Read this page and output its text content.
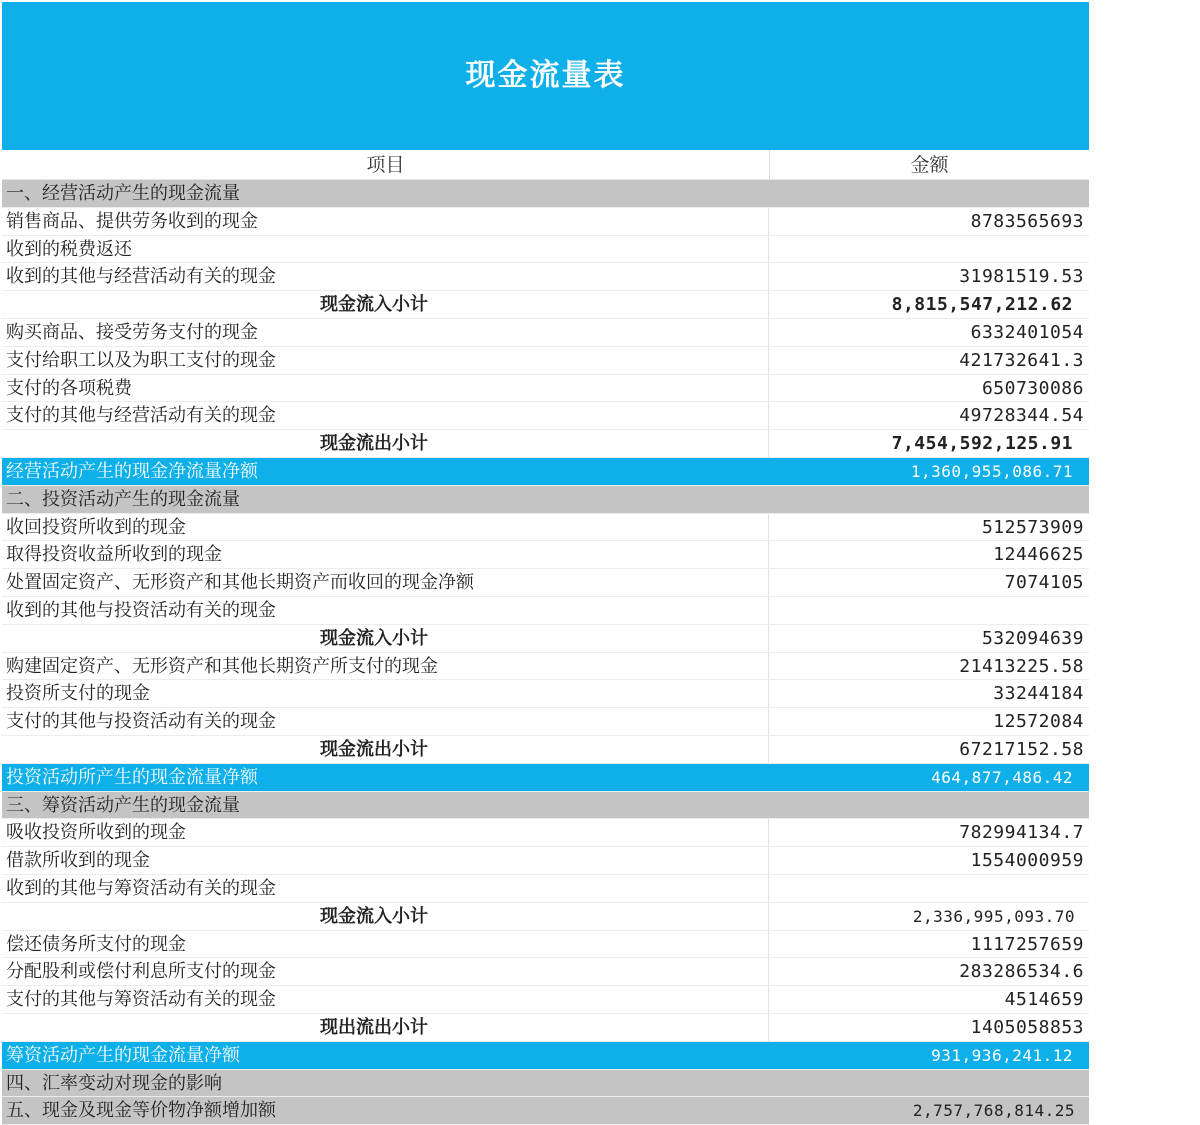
现金流量表
项目	金额
一、经营活动产生的现金流量
销售商品、提供劳务收到的现金	8783565693
收到的税费返还
收到的其他与经营活动有关的现金	31981519.53
现金流入小计	8,815,547,212.62
购买商品、接受劳务支付的现金	6332401054
支付给职工以及为职工支付的现金	421732641.3
支付的各项税费	650730086
支付的其他与经营活动有关的现金	49728344.54
现金流出小计	7,454,592,125.91
经营活动产生的现金净流量净额	1,360,955,086.71
二、投资活动产生的现金流量
收回投资所收到的现金	512573909
取得投资收益所收到的现金	12446625
处置固定资产、无形资产和其他长期资产而收回的现金净额	7074105
收到的其他与投资活动有关的现金
现金流入小计	532094639
购建固定资产、无形资产和其他长期资产所支付的现金	21413225.58
投资所支付的现金	33244184
支付的其他与投资活动有关的现金	12572084
现金流出小计	67217152.58
投资活动所产生的现金流量净额	464,877,486.42
三、筹资活动产生的现金流量
吸收投资所收到的现金	782994134.7
借款所收到的现金	1554000959
收到的其他与筹资活动有关的现金
现金流入小计	2,336,995,093.70
偿还债务所支付的现金	1117257659
分配股利或偿付利息所支付的现金	283286534.6
支付的其他与筹资活动有关的现金	4514659
现出流出小计	1405058853
筹资活动产生的现金流量净额	931,936,241.12
四、汇率变动对现金的影响
五、现金及现金等价物净额增加额	2,757,768,814.25
